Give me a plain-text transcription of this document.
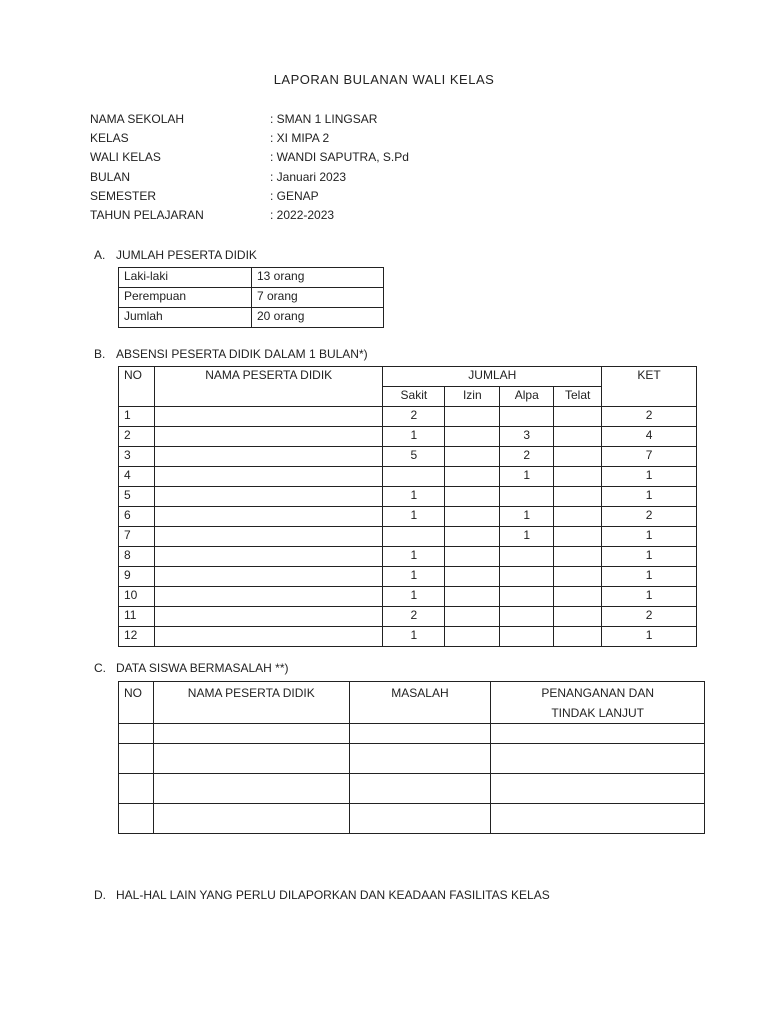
LAPORAN BULANAN WALI KELAS
NAMA SEKOLAH	: SMAN 1 LINGSAR
KELAS	: XI MIPA 2
WALI KELAS	: WANDI SAPUTRA, S.Pd
BULAN	: Januari 2023
SEMESTER	: GENAP
TAHUN PELAJARAN	: 2022-2023
A. JUMLAH PESERTA DIDIK
Laki-laki	13 orang
Perempuan	7 orang
Jumlah	20 orang
B. ABSENSI PESERTA DIDIK DALAM 1 BULAN*)
NO	NAMA PESERTA DIDIK	JUMLAH				KET
		Sakit	Izin	Alpa	Telat	
1		2				2
2		1		3		4
3		5		2		7
4				1		1
5		1				1
6		1		1		2
7				1		1
8		1				1
9		1				1
10		1				1
11		2				2
12		1				1
C. DATA SISWA BERMASALAH **)
NO	NAMA PESERTA DIDIK	MASALAH	PENANGANAN DAN
TINDAK LANJUT

D. HAL-HAL LAIN YANG PERLU DILAPORKAN DAN KEADAAN FASILITAS KELAS
